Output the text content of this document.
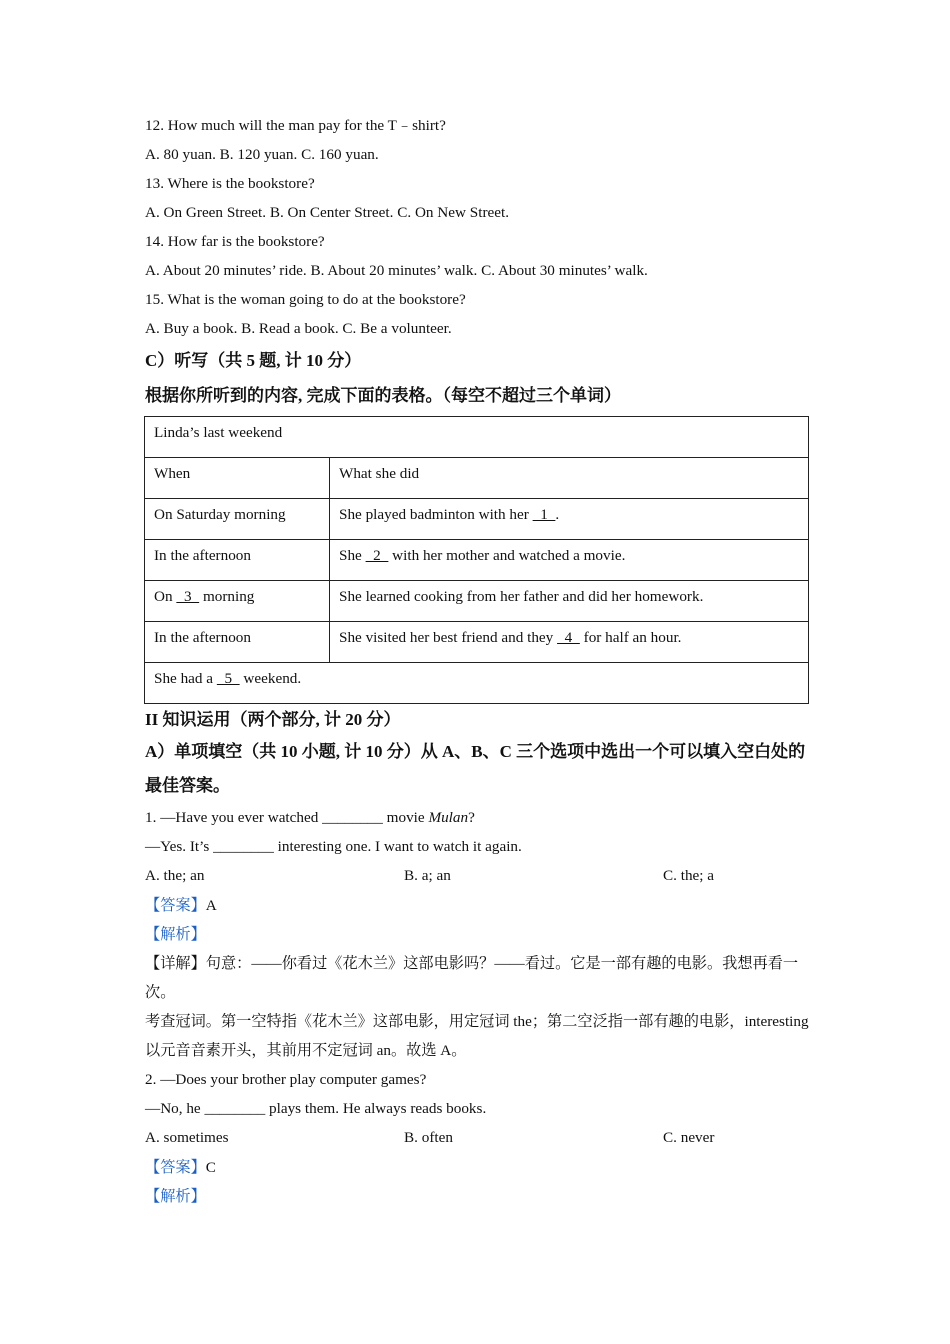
12. How much will the man pay for the T﹣shirt?
A. 80 yuan. B. 120 yuan. C. 160 yuan.
13. Where is the bookstore?
A. On Green Street. B. On Center Street. C. On New Street.
14. How far is the bookstore?
A. About 20 minutes’ ride. B. About 20 minutes’ walk. C. About 30 minutes’ walk.
15. What is the woman going to do at the bookstore?
A. Buy a book. B. Read a book. C. Be a volunteer.
C）听写（共 5 题, 计 10 分）
根据你所听到的内容, 完成下面的表格。（每空不超过三个单词）
Linda’s last weekend	
When	What she did
On Saturday morning	She played badminton with her   1  .
In the afternoon	She   2   with her mother and watched a movie.
On   3   morning	She learned cooking from her father and did her homework.
In the afternoon	She visited her best friend and they   4   for half an hour.
She had a   5   weekend.	
II 知识运用（两个部分, 计 20 分）
A）单项填空（共 10 小题, 计 10 分）从 A、B、C 三个选项中选出一个可以填入空白处的最佳答案。
1. —Have you ever watched ________ movie Mulan?
—Yes. It’s ________ interesting one. I want to watch it again.
A. the; an	B. a; an	C. the; a
【答案】A
【解析】
【详解】句意：——你看过《花木兰》这部电影吗？——看过。它是一部有趣的电影。我想再看一次。
考查冠词。第一空特指《花木兰》这部电影，用定冠词 the；第二空泛指一部有趣的电影，interesting 以元音音素开头，其前用不定冠词 an。故选 A。
2. —Does your brother play computer games?
—No, he ________ plays them. He always reads books.
A. sometimes	B. often	C. never
【答案】C
【解析】
